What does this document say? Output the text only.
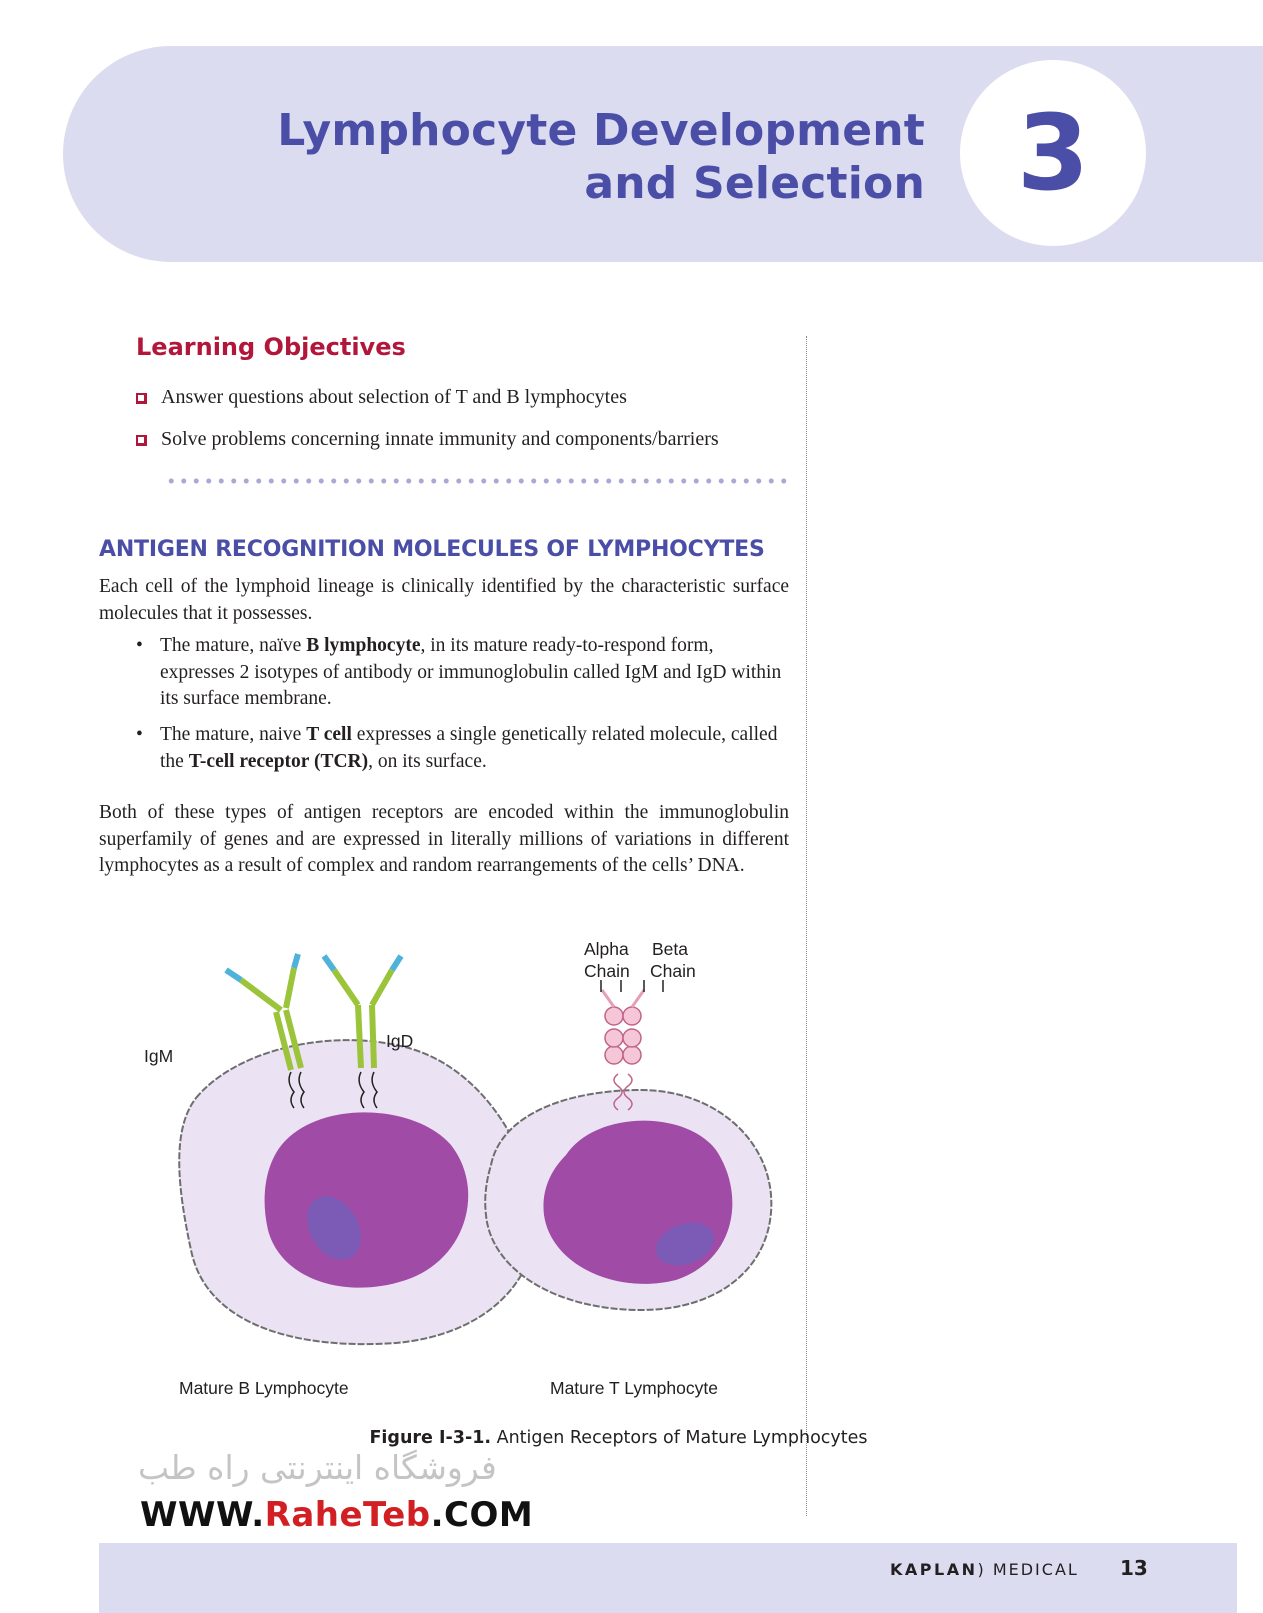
Lymphocyte Development
and Selection 3
Learning Objectives
Answer questions about selection of T and B lymphocytes
Solve problems concerning innate immunity and components/barriers
ANTIGEN RECOGNITION MOLECULES OF LYMPHOCYTES
Each cell of the lymphoid lineage is clinically identified by the characteristic surface molecules that it possesses.
• The mature, naïve B lymphocyte, in its mature ready-to-respond form, expresses 2 isotypes of antibody or immunoglobulin called IgM and IgD within its surface membrane.
• The mature, naive T cell expresses a single genetically related molecule, called the T-cell receptor (TCR), on its surface.
Both of these types of antigen receptors are encoded within the immunoglobulin superfamily of genes and are expressed in literally millions of variations in different lymphocytes as a result of complex and random rearrangements of the cells’ DNA.
IgM
IgD
Alpha
Chain
Beta
Chain
Mature B Lymphocyte	Mature T Lymphocyte
Figure I-3-1. Antigen Receptors of Mature Lymphocytes
فروشگاه اینترنتی راه طب
WWW.RaheTeb.COM
KAPLAN) MEDICAL 13
